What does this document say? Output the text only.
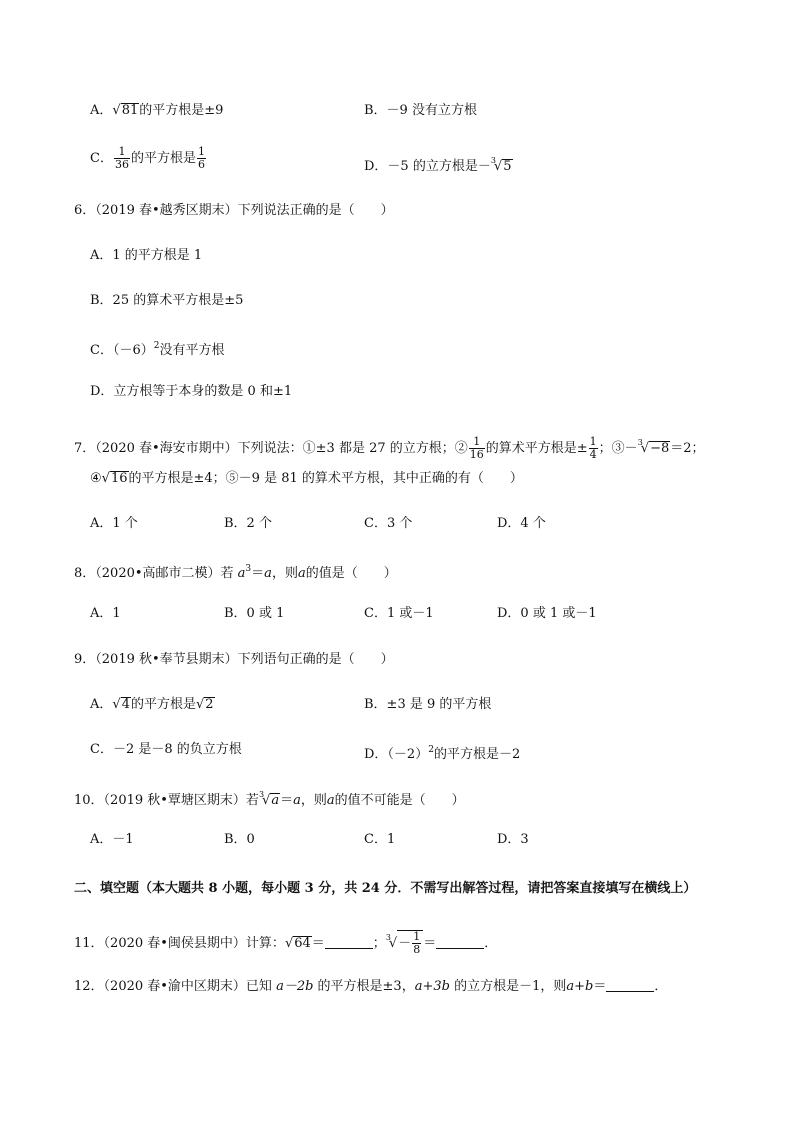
A．√81的平方根是±9	B．－9 没有立方根
C． $\frac{1}{36}$ 的平方根是 $\frac{1}{6}$	D．－5 的立方根是－$^3$√5
6．（2019 春•越秀区期末）下列说法正确的是（　　）
A．1 的平方根是 1
B．25 的算术平方根是±5
C．$(-6)^2$没有平方根
D．立方根等于本身的数是 0 和±1
7．（2020 春•海安市期中）下列说法：①±3 都是 27 的立方根；② $\frac{1}{16}$ 的算术平方根是± $\frac{1}{4}$ ；③－$^3$√−8＝2；
④√16的平方根是±4；⑤－9 是 81 的算术平方根，其中正确的有（　　）
A．1 个	B．2 个	C．3 个	D．4 个
8．（2020•高邮市二模）若 $a^3=a$，则a的值是（　　）
A．1	B．0 或 1	C．1 或－1	D．0 或 1 或－1
9．（2019 秋•奉节县期末）下列语句正确的是（　　）
A．√4的平方根是√2	B．±3 是 9 的平方根
C．－2 是－8 的负立方根	D．$(-2)^2$的平方根是－2
10．（2019 秋•覃塘区期末）若$^3$√a＝a，则a的值不可能是（　　）
A．－1	B．0	C．1	D．3
二、填空题（本大题共 8 小题，每小题 3 分，共 24 分．不需写出解答过程，请把答案直接填写在横线上）
11．（2020 春•闽侯县期中）计算：√64＝	；$^3√- \frac{1}{8}$ ＝	．
12．（2020 春•渝中区期末）已知 a－2b 的平方根是±3，a+3b 的立方根是－1，则a+b＝	．
